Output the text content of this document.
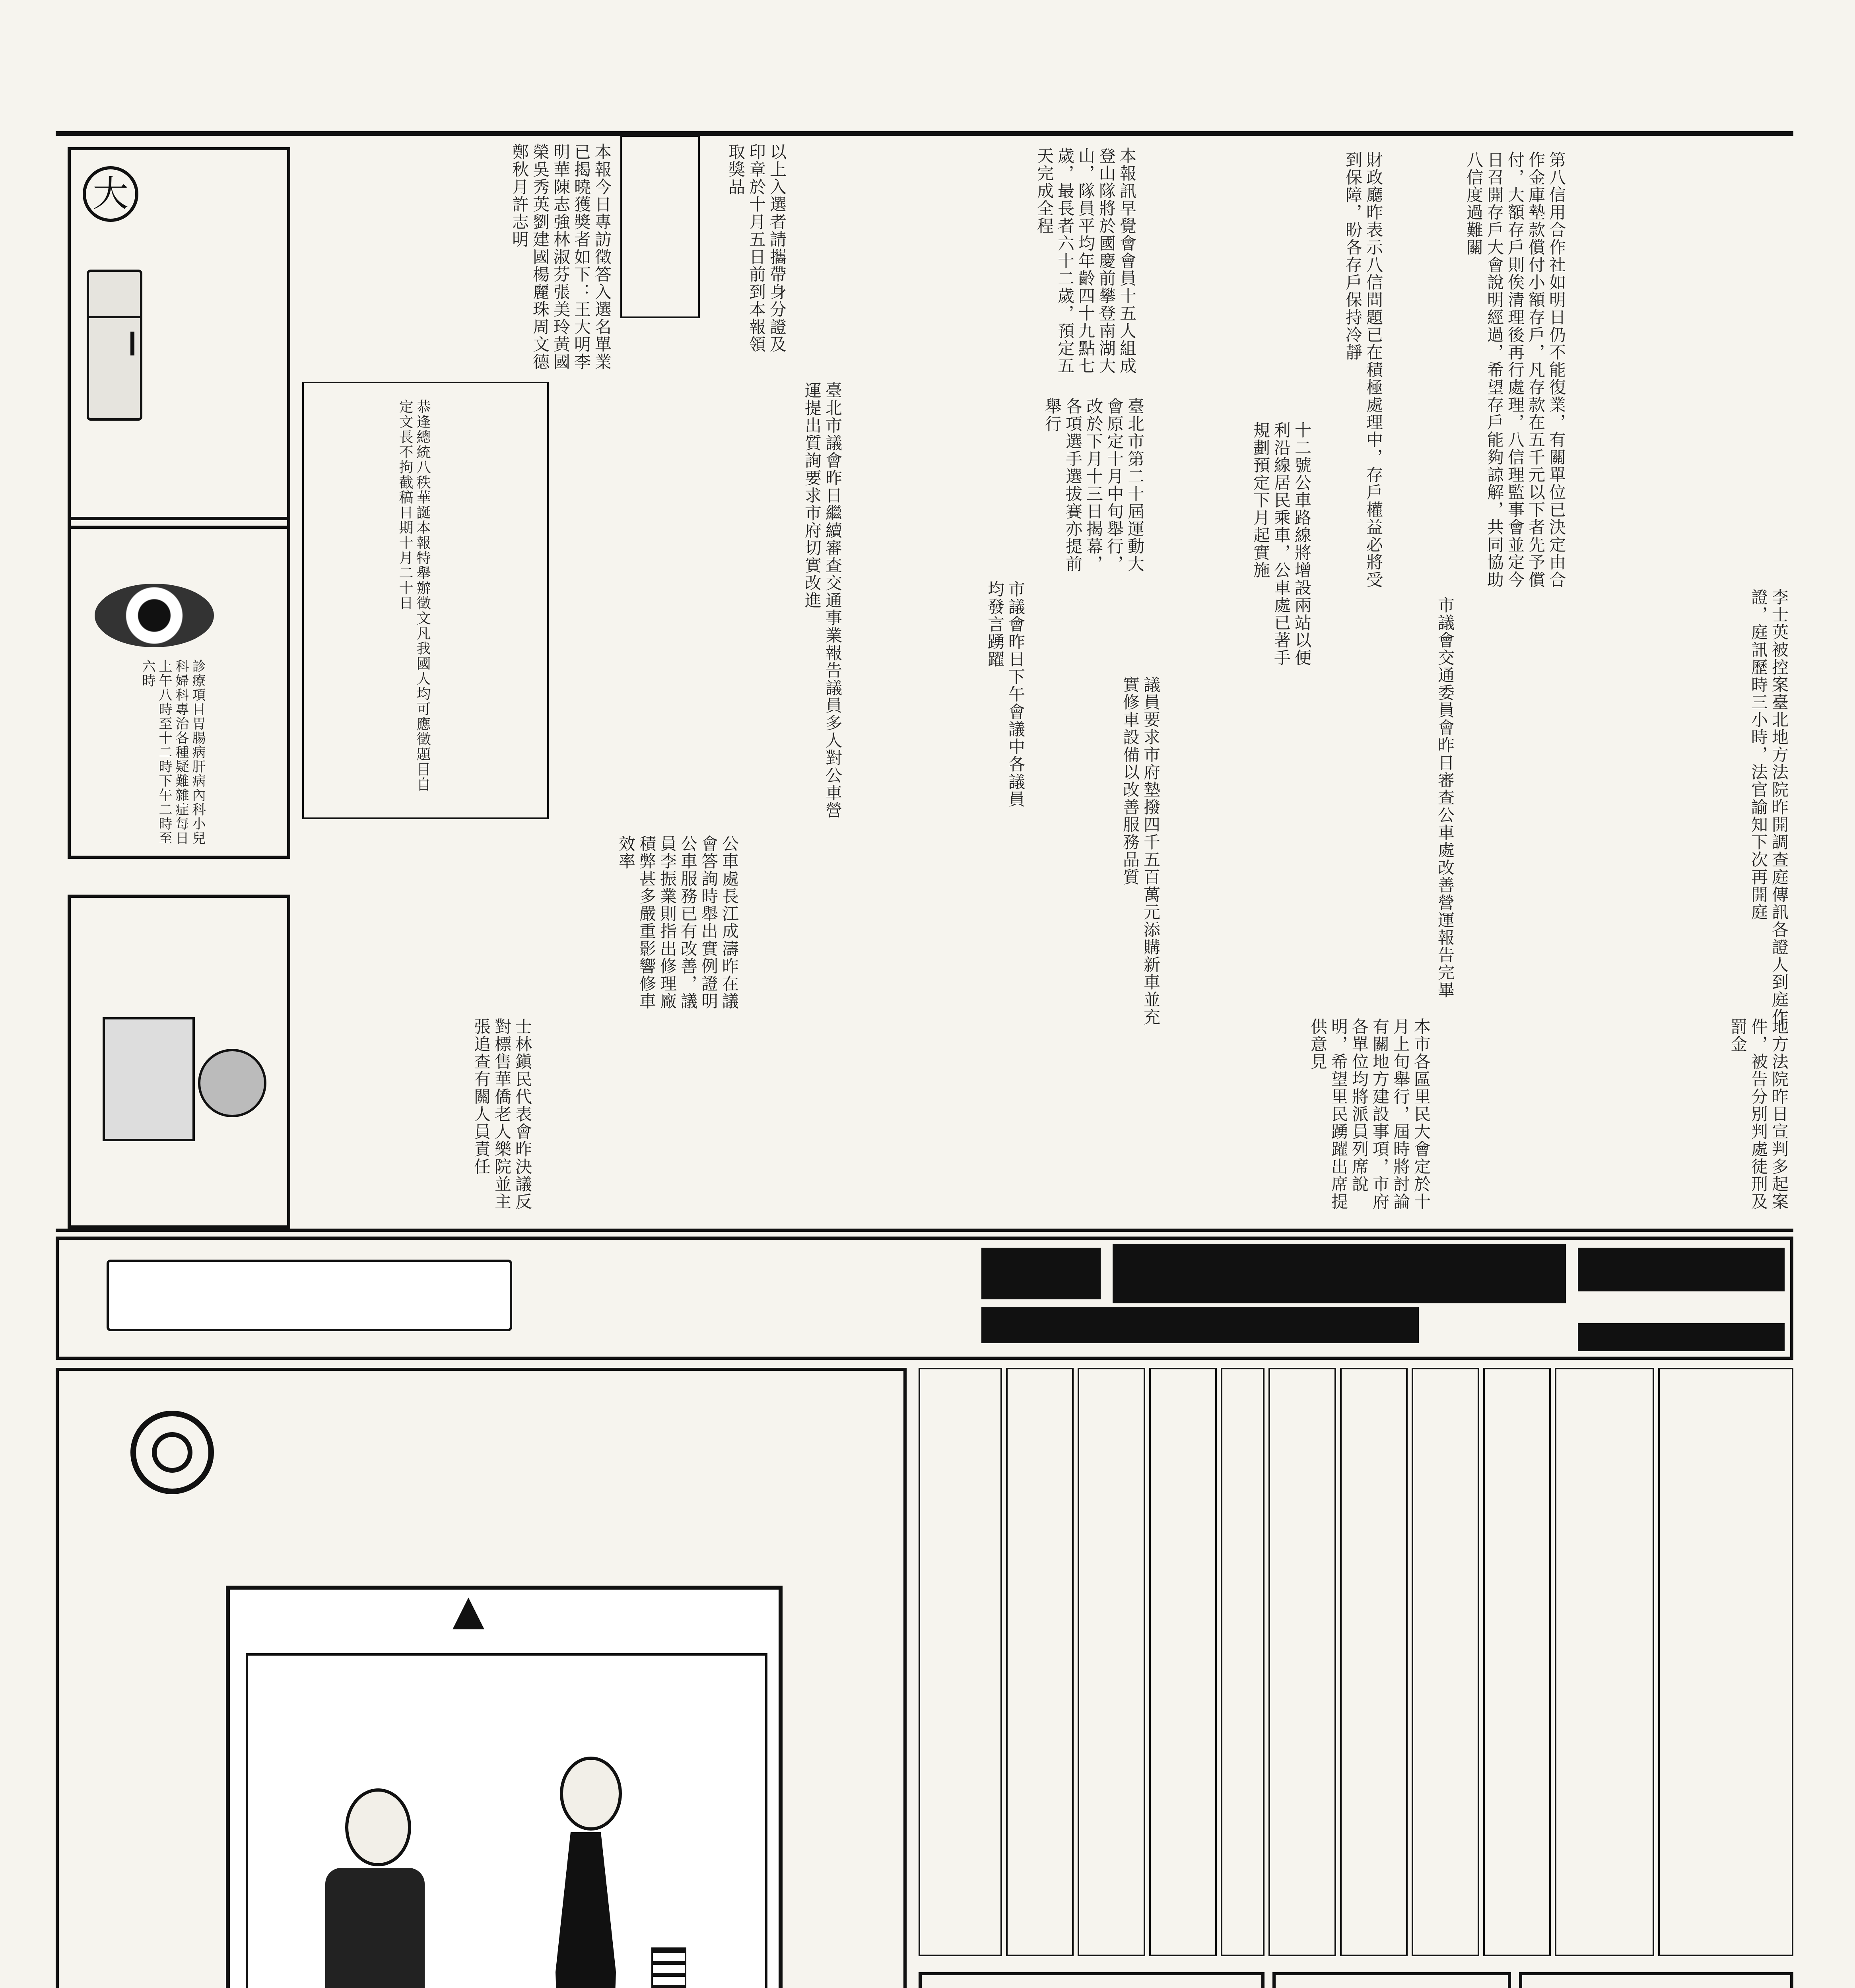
大
診療項目胃腸病肝病內科小兒科婦科專治各種疑難雜症每日上午八時至十二時下午二時至六時
第八信用合作社如明日仍不能復業，有關單位已決定由合作金庫墊款償付小額存戶，凡存款在五千元以下者先予償付，大額存戶則俟清理後再行處理，八信理監事會並定今日召開存戶大會說明經過，希望存戶能夠諒解，共同協助八信度過難關
財政廳昨表示八信問題已在積極處理中，存戶權益必將受到保障，盼各存戶保持冷靜
本報訊早覺會會員十五人組成登山隊將於國慶前攀登南湖大山，隊員平均年齡四十九點七歲，最長者六十二歲，預定五天完成全程
臺北市第二十屆運動大會原定十月中旬舉行，改於下月十三日揭幕，各項選手選拔賽亦提前舉行
本報今日專訪徵答入選名單業已揭曉獲獎者如下：王大明李明華陳志強林淑芬張美玲黃國榮吳秀英劉建國楊麗珠周文德鄭秋月許志明	以上入選者請攜帶身分證及印章於十月五日前到本報領取獎品
恭逢總統八秩華誕本報特舉辦徵文凡我國人均可應徵題目自定文長不拘截稿日期十月二十日	臺北市議會昨日繼續審查交通事業報告議員多人對公車營運提出質詢要求市府切實改進
市議會昨日下午會議中各議員均發言踴躍	十二號公車路線將增設兩站以便利沿線居民乘車，公車處已著手規劃預定下月起實施
李士英被控案臺北地方法院昨開調查庭傳訊各證人到庭作證，庭訊歷時三小時，法官諭知下次再開庭
市議會交通委員會昨日審查公車處改善營運報告完畢
議員要求市府墊撥四千五百萬元添購新車並充實修車設備以改善服務品質
公車處長江成濤昨在議會答詢時舉出實例證明公車服務已有改善，議員李振業則指出修理廠積弊甚多嚴重影響修車效率
士林鎭民代表會昨決議反對標售華僑老人樂院並主張追查有關人員責任	本市各區里民大會定於十月上旬舉行，屆時將討論有關地方建設事項，市府各單位均將派員列席說明，希望里民踴躍出席提供意見	地方法院昨日宣判多起案件，被告分別判處徒刑及罰金
